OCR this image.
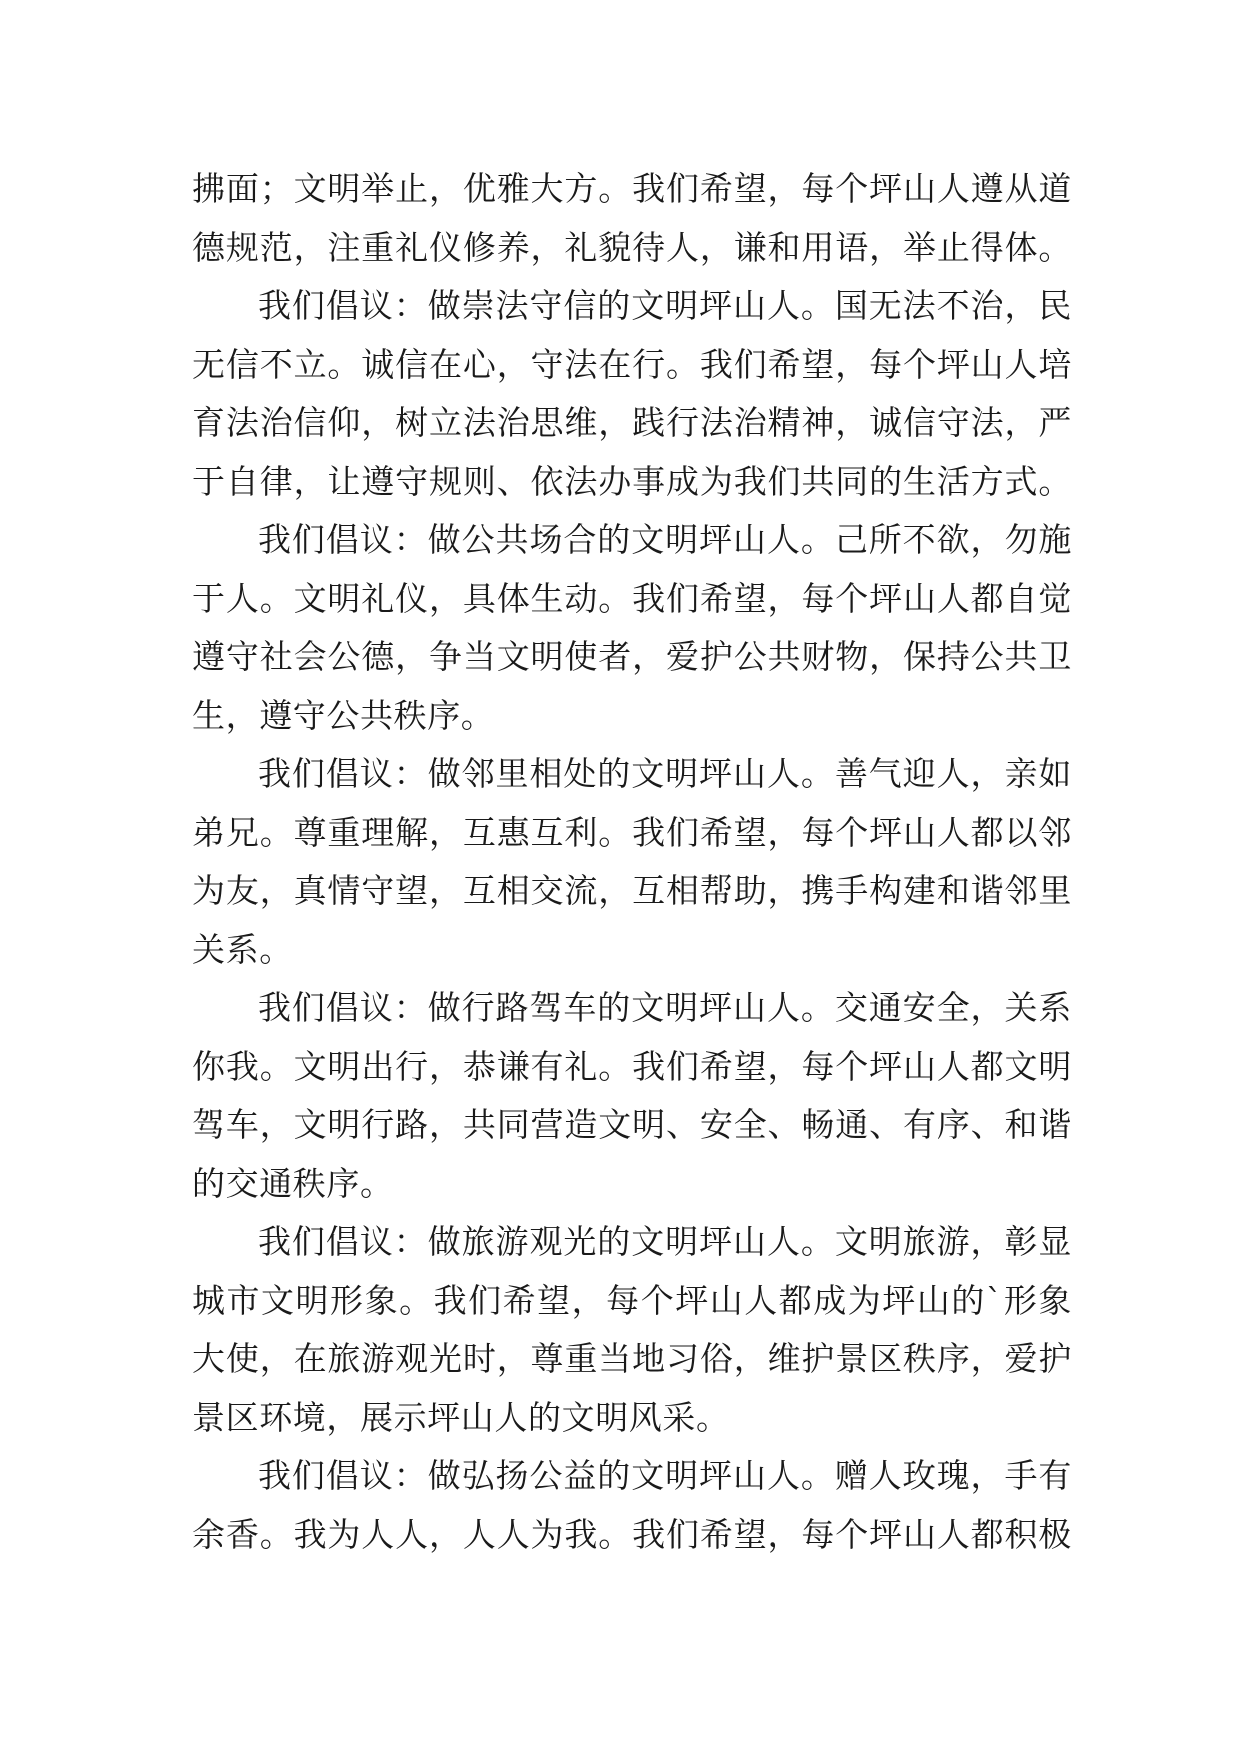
拂面；文明举止，优雅大方。我们希望，每个坪山人遵从道
德规范，注重礼仪修养，礼貌待人，谦和用语，举止得体。
我们倡议：做崇法守信的文明坪山人。国无法不治，民
无信不立。诚信在心，守法在行。我们希望，每个坪山人培
育法治信仰，树立法治思维，践行法治精神，诚信守法，严
于自律，让遵守规则、依法办事成为我们共同的生活方式。
我们倡议：做公共场合的文明坪山人。己所不欲，勿施
于人。文明礼仪，具体生动。我们希望，每个坪山人都自觉
遵守社会公德，争当文明使者，爱护公共财物，保持公共卫
生，遵守公共秩序。
我们倡议：做邻里相处的文明坪山人。善气迎人，亲如
弟兄。尊重理解，互惠互利。我们希望，每个坪山人都以邻
为友，真情守望，互相交流，互相帮助，携手构建和谐邻里
关系。
我们倡议：做行路驾车的文明坪山人。交通安全，关系
你我。文明出行，恭谦有礼。我们希望，每个坪山人都文明
驾车，文明行路，共同营造文明、安全、畅通、有序、和谐
的交通秩序。
我们倡议：做旅游观光的文明坪山人。文明旅游，彰显
城市文明形象。我们希望，每个坪山人都成为坪山的`形象
大使，在旅游观光时，尊重当地习俗，维护景区秩序，爱护
景区环境，展示坪山人的文明风采。
我们倡议：做弘扬公益的文明坪山人。赠人玫瑰，手有
余香。我为人人，人人为我。我们希望，每个坪山人都积极
